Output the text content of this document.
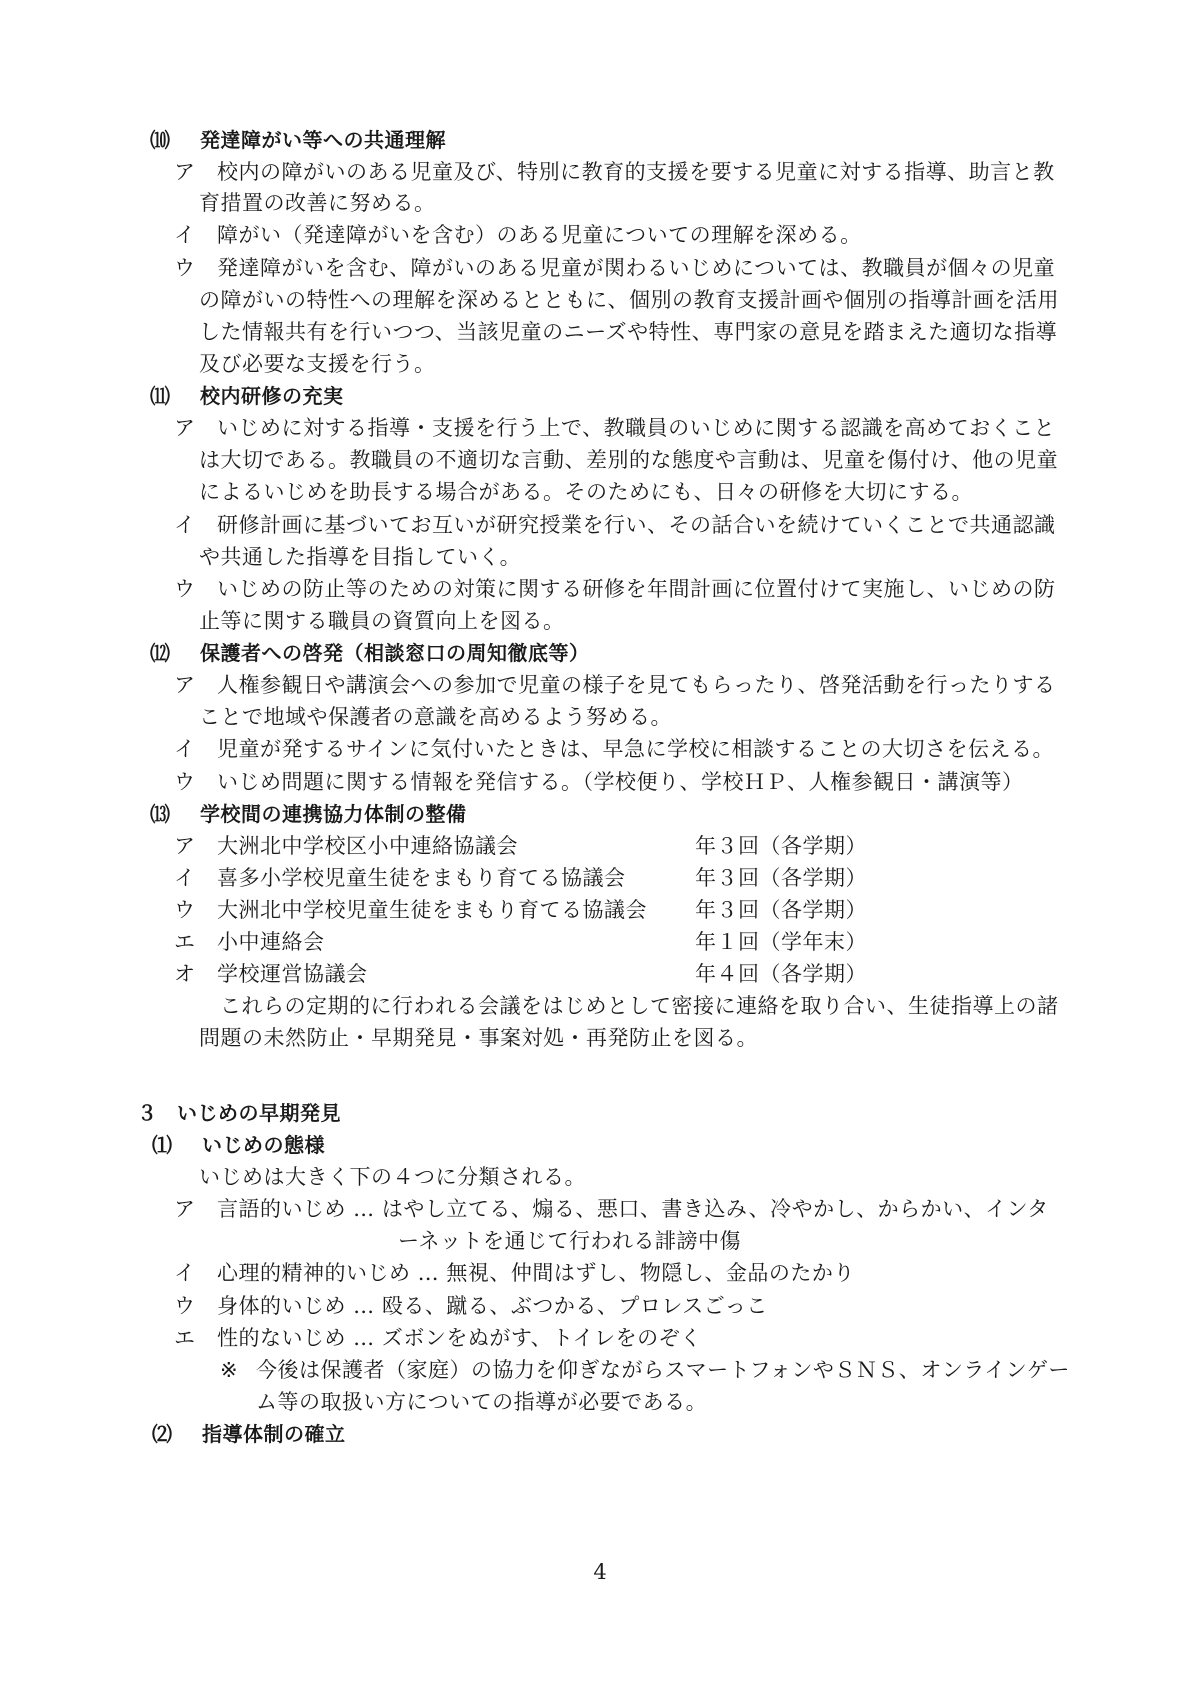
⑽ 発達障がい等への共通理解
ア 校内の障がいのある児童及び、特別に教育的支援を要する児童に対する指導、助言と教
育措置の改善に努める。
イ 障がい（発達障がいを含む）のある児童についての理解を深める。
ウ 発達障がいを含む、障がいのある児童が関わるいじめについては、教職員が個々の児童
の障がいの特性への理解を深めるとともに、個別の教育支援計画や個別の指導計画を活用
した情報共有を行いつつ、当該児童のニーズや特性、専門家の意見を踏まえた適切な指導
及び必要な支援を行う。
⑾ 校内研修の充実
ア いじめに対する指導・支援を行う上で、教職員のいじめに関する認識を高めておくこと
は大切である。教職員の不適切な言動、差別的な態度や言動は、児童を傷付け、他の児童
によるいじめを助長する場合がある。そのためにも、日々の研修を大切にする。
イ 研修計画に基づいてお互いが研究授業を行い、その話合いを続けていくことで共通認識
や共通した指導を目指していく。
ウ いじめの防止等のための対策に関する研修を年間計画に位置付けて実施し、いじめの防
止等に関する職員の資質向上を図る。
⑿ 保護者への啓発（相談窓口の周知徹底等）
ア 人権参観日や講演会への参加で児童の様子を見てもらったり、啓発活動を行ったりする
ことで地域や保護者の意識を高めるよう努める。
イ 児童が発するサインに気付いたときは、早急に学校に相談することの大切さを伝える。
ウ いじめ問題に関する情報を発信する。（学校便り、学校ＨＰ、人権参観日・講演等）
⒀ 学校間の連携協力体制の整備
ア 大洲北中学校区小中連絡協議会	年３回（各学期）
イ 喜多小学校児童生徒をまもり育てる協議会	年３回（各学期）
ウ 大洲北中学校児童生徒をまもり育てる協議会 年３回（各学期）
エ 小中連絡会	年１回（学年末）
オ 学校運営協議会	年４回（各学期）
これらの定期的に行われる会議をはじめとして密接に連絡を取り合い、生徒指導上の諸
問題の未然防止・早期発見・事案対処・再発防止を図る。
３ いじめの早期発見
⑴ いじめの態様
いじめは大きく下の４つに分類される。
ア 言語的いじめ … はやし立てる、煽る、悪口、書き込み、冷やかし、からかい、インタ
ーネットを通じて行われる誹謗中傷
イ 心理的精神的いじめ … 無視、仲間はずし、物隠し、金品のたかり
ウ 身体的いじめ … 殴る、蹴る、ぶつかる、プロレスごっこ
エ 性的ないじめ … ズボンをぬがす、トイレをのぞく
※ 今後は保護者（家庭）の協力を仰ぎながらスマートフォンやＳＮＳ、オンラインゲー
ム等の取扱い方についての指導が必要である。
⑵ 指導体制の確立
4
